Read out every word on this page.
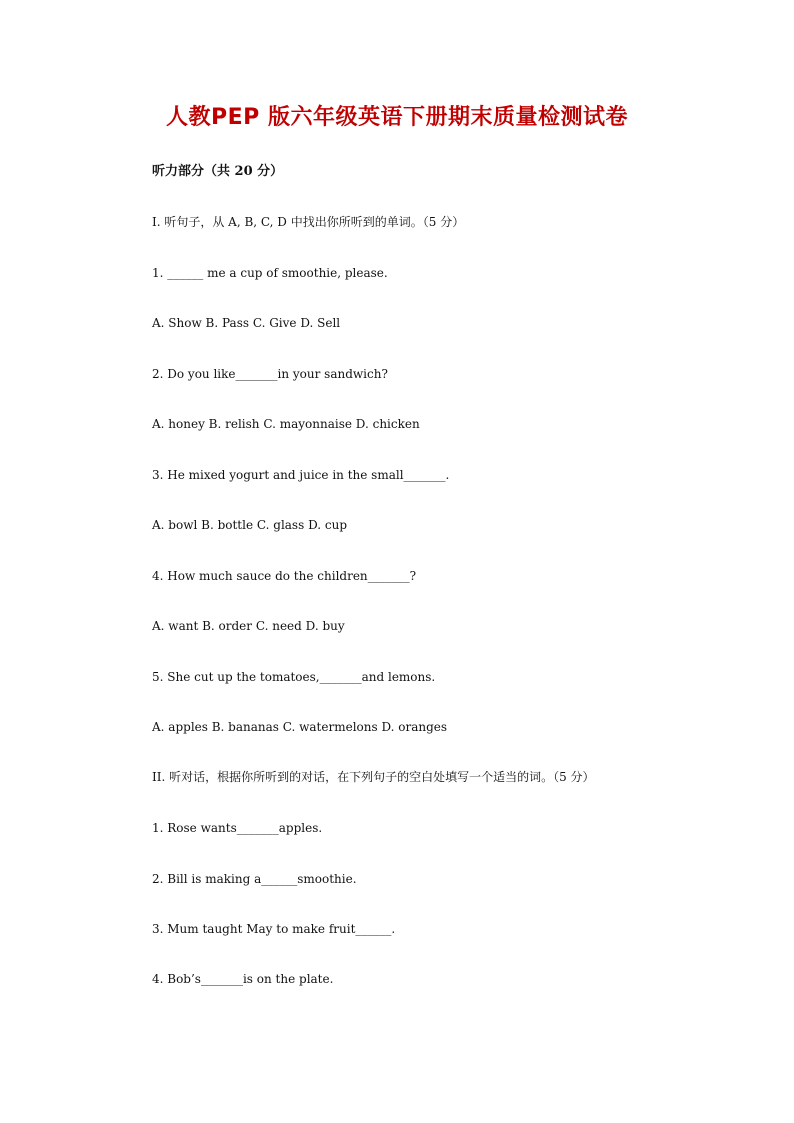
人教PEP 版六年级英语下册期末质量检测试卷

听力部分（共 20 分）

I. 听句子，从 A, B, C, D 中找出你所听到的单词。（5 分）

1. ______ me a cup of smoothie, please.

A. Show B. Pass C. Give D. Sell

2. Do you like_______in your sandwich?

A. honey B. relish C. mayonnaise D. chicken

3. He mixed yogurt and juice in the small_______.

A. bowl B. bottle C. glass D. cup

4. How much sauce do the children_______?

A. want B. order C. need D. buy

5. She cut up the tomatoes,_______and lemons.

A. apples B. bananas C. watermelons D. oranges

II. 听对话，根据你所听到的对话，在下列句子的空白处填写一个适当的词。（5 分）

1. Rose wants_______apples.

2. Bill is making a______smoothie.

3. Mum taught May to make fruit______.

4. Bob’s_______is on the plate.
